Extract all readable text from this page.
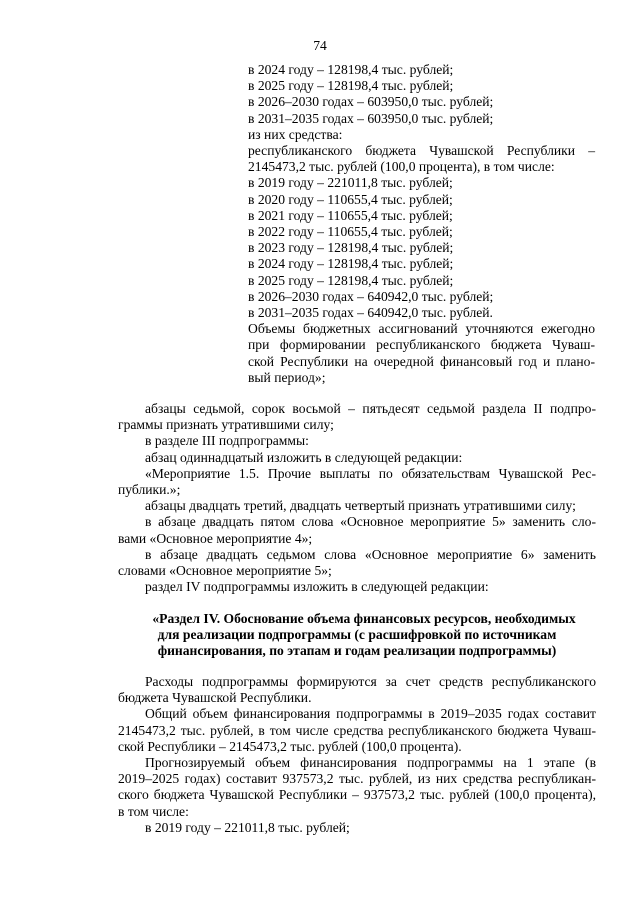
74
в 2024 году – 128198,4 тыс. рублей;
в 2025 году – 128198,4 тыс. рублей;
в 2026–2030 годах – 603950,0 тыс. рублей;
в 2031–2035 годах – 603950,0 тыс. рублей;
из них средства:
республиканского бюджета Чувашской Республики –
2145473,2 тыс. рублей (100,0 процента), в том числе:
в 2019 году – 221011,8 тыс. рублей;
в 2020 году – 110655,4 тыс. рублей;
в 2021 году – 110655,4 тыс. рублей;
в 2022 году – 110655,4 тыс. рублей;
в 2023 году – 128198,4 тыс. рублей;
в 2024 году – 128198,4 тыс. рублей;
в 2025 году – 128198,4 тыс. рублей;
в 2026–2030 годах – 640942,0 тыс. рублей;
в 2031–2035 годах – 640942,0 тыс. рублей.
Объемы бюджетных ассигнований уточняются ежегодно
при формировании республиканского бюджета Чуваш-
ской Республики на очередной финансовый год и плано-
вый период»;
абзацы седьмой, сорок восьмой – пятьдесят седьмой раздела II подпро-
граммы признать утратившими силу;
в разделе III подпрограммы:
абзац одиннадцатый изложить в следующей редакции:
«Мероприятие 1.5. Прочие выплаты по обязательствам Чувашской Рес-
публики.»;
абзацы двадцать третий, двадцать четвертый признать утратившими силу;
в абзаце двадцать пятом слова «Основное мероприятие 5» заменить сло-
вами «Основное мероприятие 4»;
в абзаце двадцать седьмом слова «Основное мероприятие 6» заменить
словами «Основное мероприятие 5»;
раздел IV подпрограммы изложить в следующей редакции:
«Раздел IV. Обоснование объема финансовых ресурсов, необходимых
для реализации подпрограммы (с расшифровкой по источникам
финансирования, по этапам и годам реализации подпрограммы)
Расходы подпрограммы формируются за счет средств республиканского
бюджета Чувашской Республики.
Общий объем финансирования подпрограммы в 2019–2035 годах составит
2145473,2 тыс. рублей, в том числе средства республиканского бюджета Чуваш-
ской Республики – 2145473,2 тыс. рублей (100,0 процента).
Прогнозируемый объем финансирования подпрограммы на 1 этапе (в
2019–2025 годах) составит 937573,2 тыс. рублей, из них средства республикан-
ского бюджета Чувашской Республики – 937573,2 тыс. рублей (100,0 процента),
в том числе:
в 2019 году – 221011,8 тыс. рублей;
